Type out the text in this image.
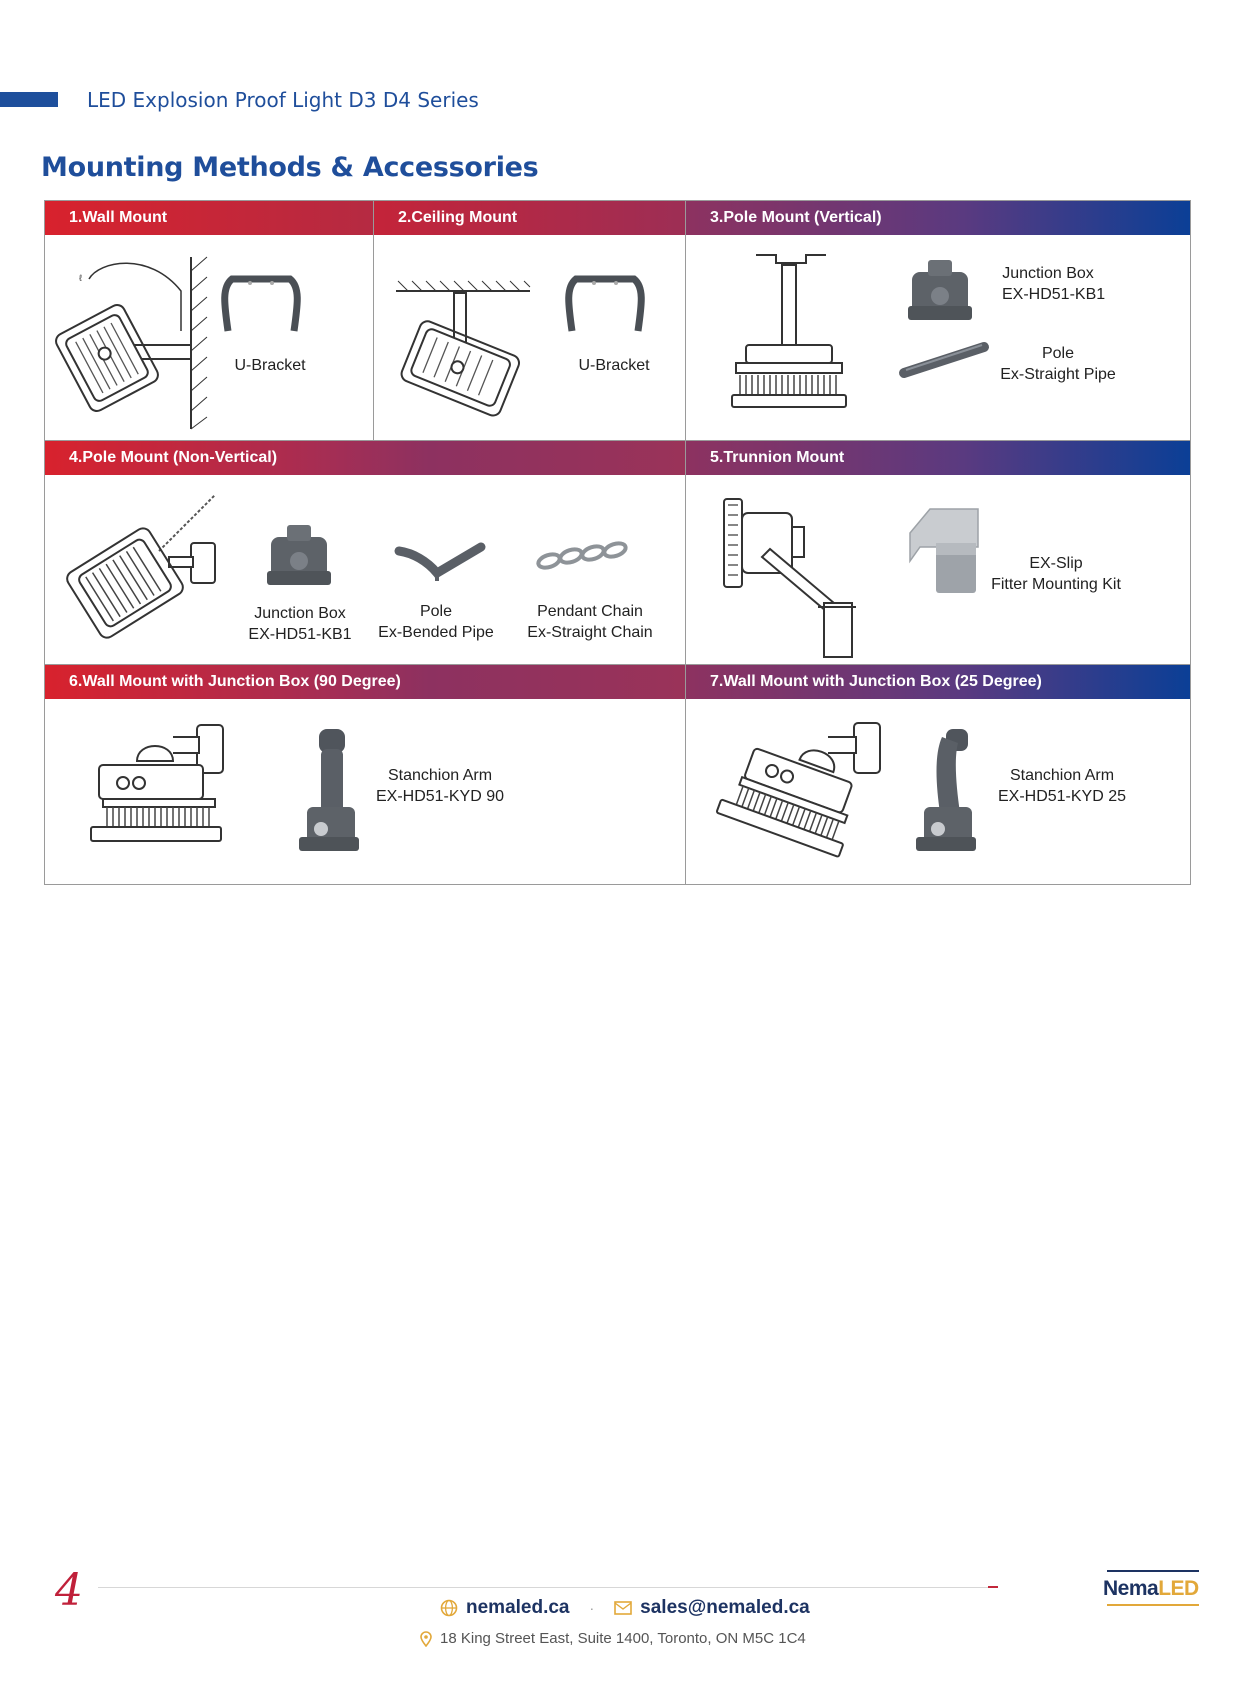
LED Explosion Proof Light D3 D4 Series
Mounting Methods & Accessories
1.Wall Mount
ℓ
U-Bracket
2.Ceiling Mount
U-Bracket
3.Pole Mount (Vertical)
Junction Box
EX-HD51-KB1
Pole
Ex-Straight Pipe
4.Pole Mount (Non-Vertical)
Junction Box
EX-HD51-KB1
Pole
Ex-Bended Pipe
Pendant Chain
Ex-Straight Chain
5.Trunnion Mount
EX-Slip
Fitter Mounting Kit
6.Wall Mount with Junction Box (90 Degree)
Stanchion Arm
EX-HD51-KYD 90
7.Wall Mount with Junction Box (25 Degree)
Stanchion Arm
EX-HD51-KYD 25
4	nemaled.ca · sales@nemaled.ca
18 King Street East, Suite 1400, Toronto, ON M5C 1C4
NemaLED
